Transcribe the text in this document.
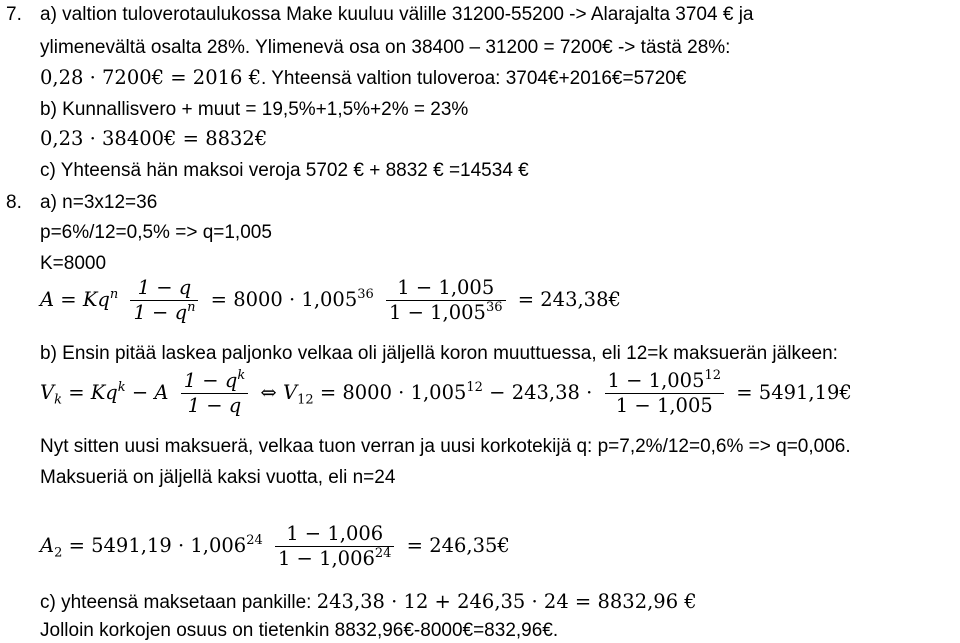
7. a) valtion tuloverotaulukossa Make kuuluu välille 31200-55200 -> Alarajalta 3704 € ja
ylimenevältä osalta 28%. Ylimenevä osa on 38400 – 31200 = 7200€ -> tästä 28%:
0,28 · 7200€ = 2016 €. Yhteensä valtion tuloveroa: 3704€+2016€=5720€
b) Kunnallisvero + muut = 19,5%+1,5%+2% = 23%
0,23 · 38400€ = 8832€
c) Yhteensä hän maksoi veroja 5702 € + 8832 € =14534 €
8. a) n=3x12=36
p=6%/12=0,5% => q=1,005
K=8000
$A = Kq^n \frac{1 - q}{1 - q^n} = 8000 \cdot 1,005^{36} \frac{1 - 1,005}{1 - 1,005^{36}}$ = 243,38€
b) Ensin pitää laskea paljonko velkaa oli jäljellä koron muuttuessa, eli 12=k maksuerän jälkeen:
$V_k = Kq^k - A \frac{1 - q^k}{1 - q}$ ⇔ $V_{12} = 8000 \cdot 1,005^{12} - 243,38 \cdot \frac{1 - 1,005^{12}}{1 - 1,005}$ = 5491,19€
Nyt sitten uusi maksuerä, velkaa tuon verran ja uusi korkotekijä q: p=7,2%/12=0,6% => q=0,006.
Maksueriä on jäljellä kaksi vuotta, eli n=24
$A_2 = 5491,19 \cdot 1,006^{24} \frac{1 - 1,006}{1 - 1,006^{24}}$ = 246,35€
c) yhteensä maksetaan pankille: 243,38 · 12 + 246,35 · 24 = 8832,96 €
Jolloin korkojen osuus on tietenkin 8832,96€-8000€=832,96€.
